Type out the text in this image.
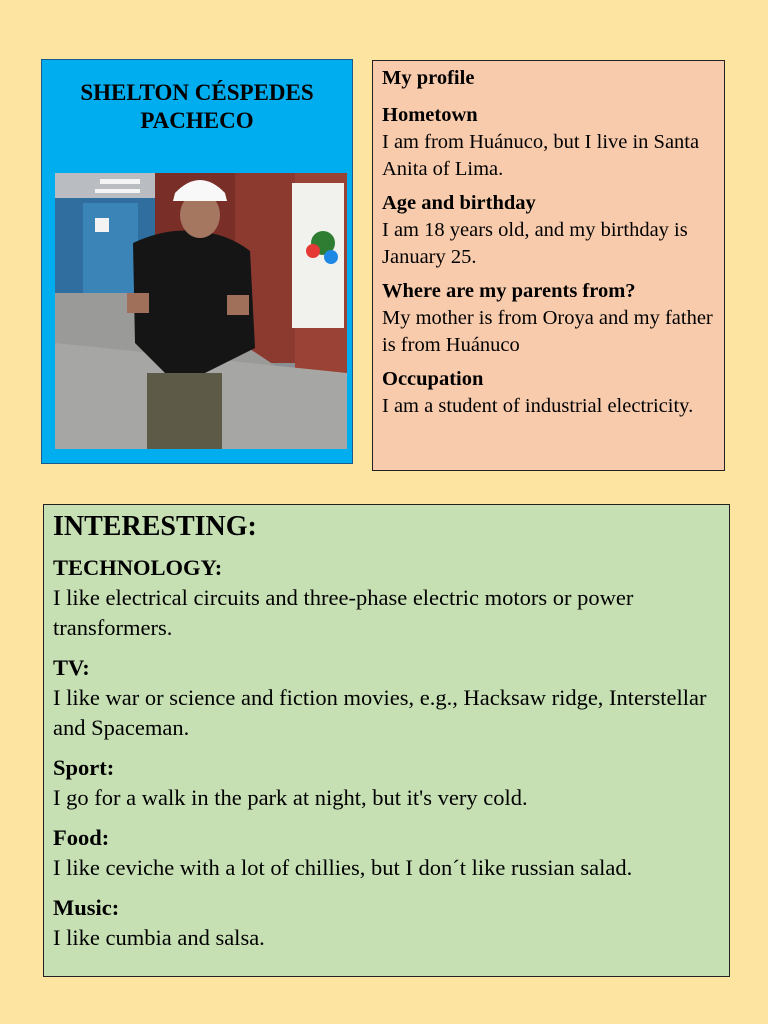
SHELTON CÉSPEDES
PACHECO
My profile
Hometown
I am from Huánuco, but I live in Santa Anita of Lima.
Age and birthday
I am 18 years old, and my birthday is January 25.
Where are my parents from?
My mother is from Oroya and my father is from Huánuco
Occupation
I am a student of industrial electricity.
INTERESTING:
TECHNOLOGY:
I like electrical circuits and three-phase electric motors or power transformers.
TV:
I like war or science and fiction movies, e.g., Hacksaw ridge, Interstellar and Spaceman.
Sport:
I go for a walk in the park at night, but it's very cold.
Food:
I like ceviche with a lot of chillies, but I don´t like russian salad.
Music:
I like cumbia and salsa.
